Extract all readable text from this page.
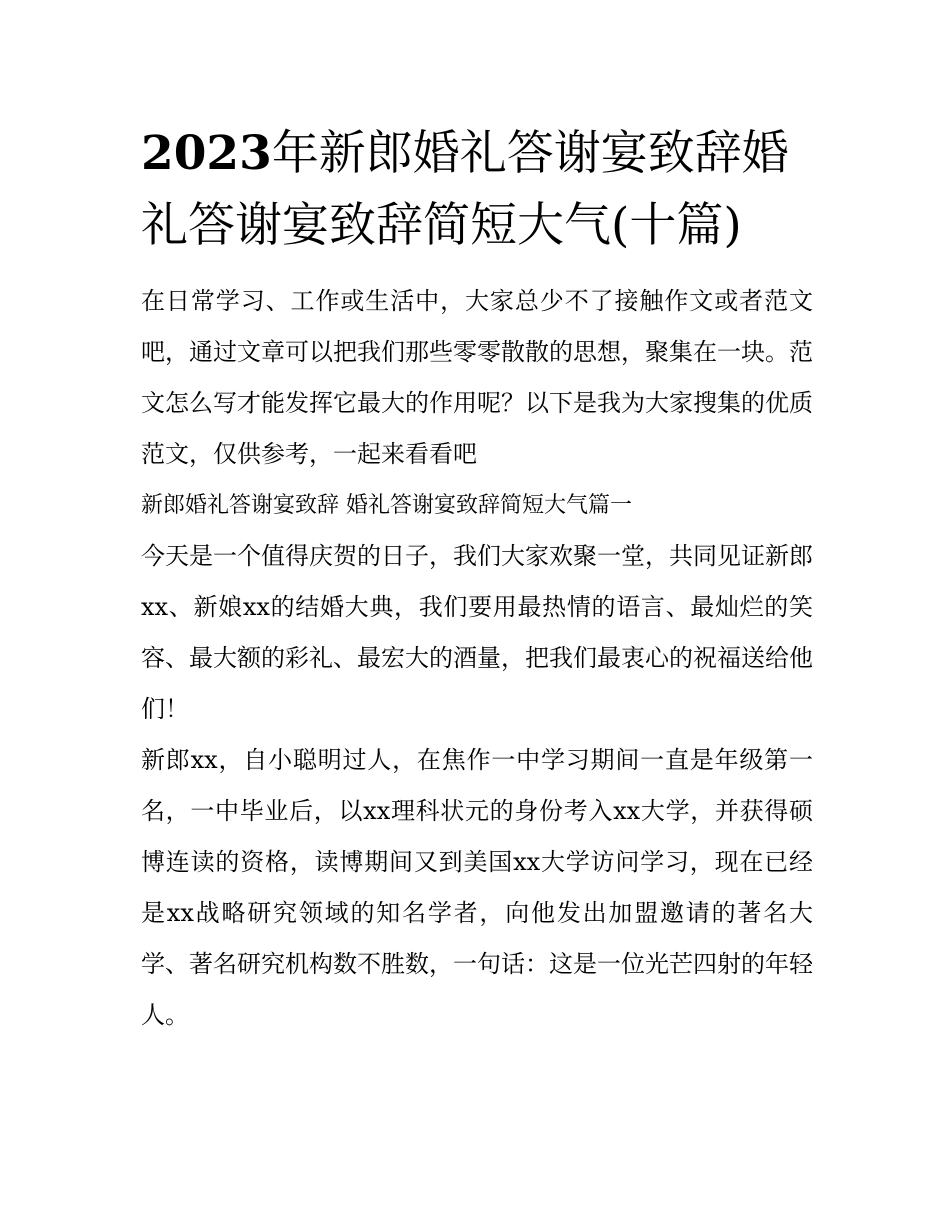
2023年新郎婚礼答谢宴致辞婚礼答谢宴致辞简短大气(十篇)

在日常学习、工作或生活中，大家总少不了接触作文或者范文吧，通过文章可以把我们那些零零散散的思想，聚集在一块。范文怎么写才能发挥它最大的作用呢？以下是我为大家搜集的优质范文，仅供参考，一起来看看吧

新郎婚礼答谢宴致辞 婚礼答谢宴致辞简短大气篇一

今天是一个值得庆贺的日子，我们大家欢聚一堂，共同见证新郎xx、新娘xx的结婚大典，我们要用最热情的语言、最灿烂的笑容、最大额的彩礼、最宏大的酒量，把我们最衷心的祝福送给他们！

新郎xx，自小聪明过人，在焦作一中学习期间一直是年级第一名，一中毕业后，以xx理科状元的身份考入xx大学，并获得硕博连读的资格，读博期间又到美国xx大学访问学习，现在已经是xx战略研究领域的知名学者，向他发出加盟邀请的著名大学、著名研究机构数不胜数，一句话：这是一位光芒四射的年轻人。
